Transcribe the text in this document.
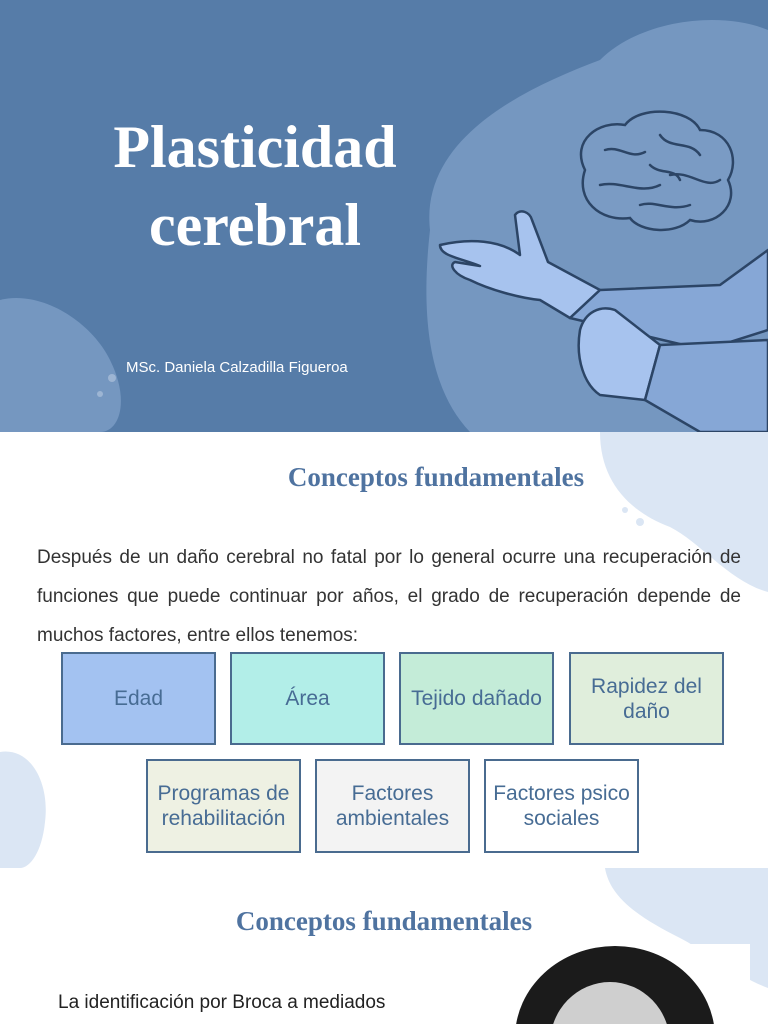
Plasticidad
cerebral
MSc. Daniela Calzadilla Figueroa
Conceptos fundamentales

Después de un daño cerebral no fatal por lo general ocurre una recuperación de funciones que puede continuar por años, el grado de recuperación depende de muchos factores, entre ellos tenemos:

Edad	Área	Tejido dañado
Rapidez del daño
Programas de rehabilitación
Factores ambientales
Factores psicosociales
Conceptos fundamentales

La identificación por Broca a mediados
